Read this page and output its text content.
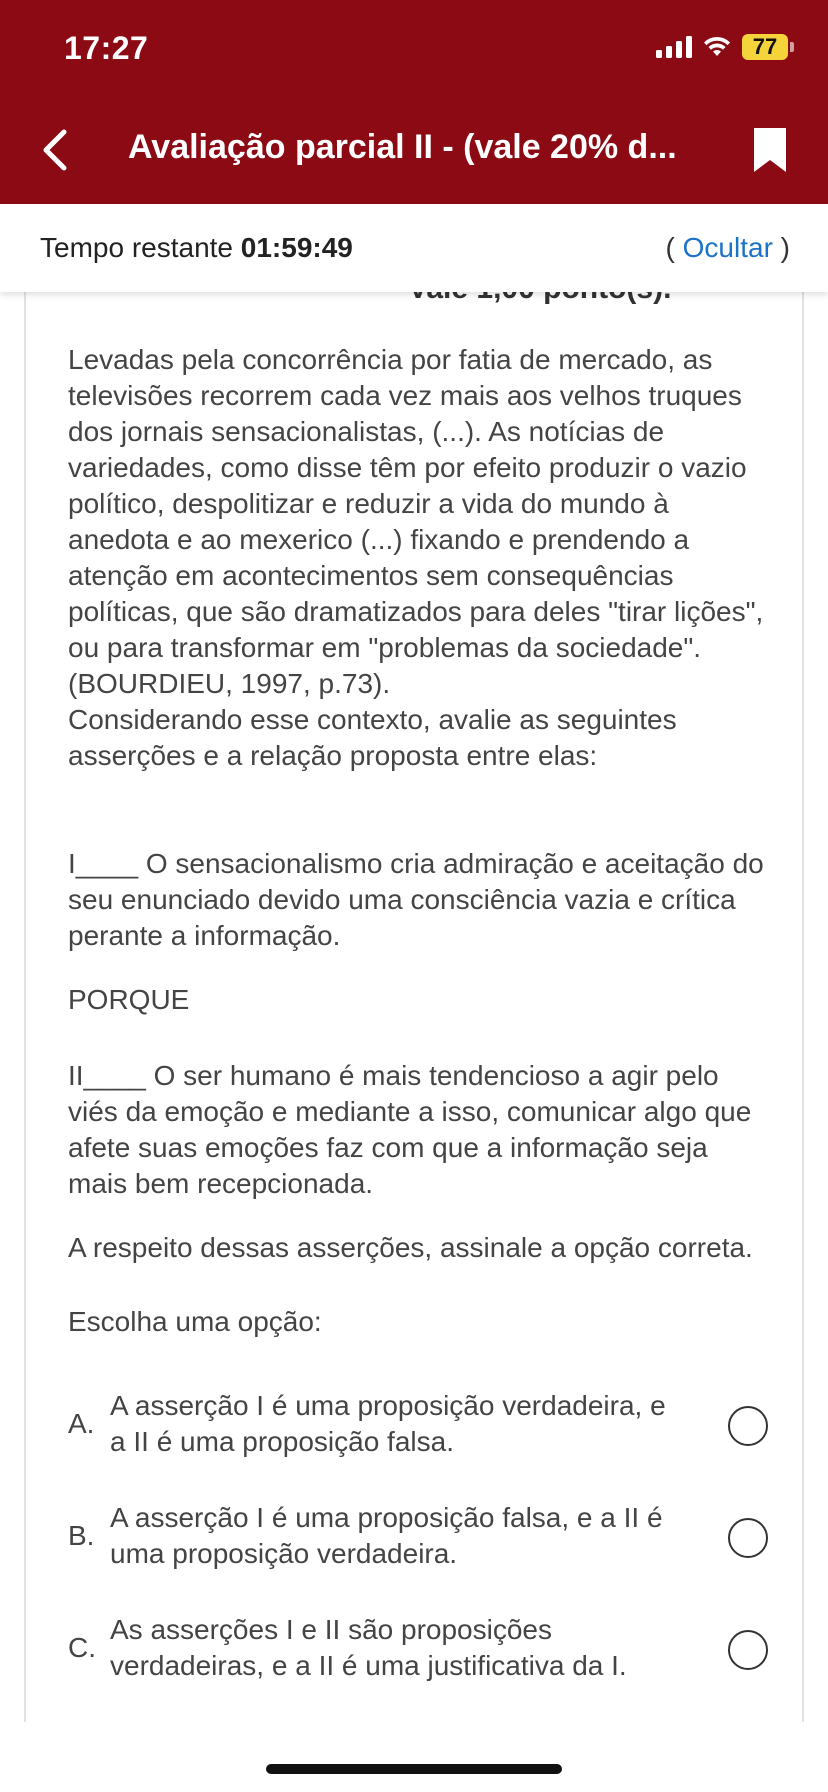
17:27	77
Avaliação parcial II - (vale 20% d...
Tempo restante 01:59:49	( Ocultar )
Levadas pela concorrência por fatia de mercado, as televisões recorrem cada vez mais aos velhos truques dos jornais sensacionalistas, (...). As notícias de variedades, como disse têm por efeito produzir o vazio político, despolitizar e reduzir a vida do mundo à anedota e ao mexerico (...) fixando e prendendo a atenção em acontecimentos sem consequências políticas, que são dramatizados para deles "tirar lições", ou para transformar em "problemas da sociedade". (BOURDIEU, 1997, p.73).
Considerando esse contexto, avalie as seguintes asserções e a relação proposta entre elas:
I____ O sensacionalismo cria admiração e aceitação do seu enunciado devido uma consciência vazia e crítica perante a informação.
PORQUE
II____ O ser humano é mais tendencioso a agir pelo viés da emoção e mediante a isso, comunicar algo que afete suas emoções faz com que a informação seja mais bem recepcionada.
A respeito dessas asserções, assinale a opção correta.
Escolha uma opção:
A.
A asserção I é uma proposição verdadeira, e a II é uma proposição falsa.
B.
A asserção I é uma proposição falsa, e a II é uma proposição verdadeira.
C.
As asserções I e II são proposições verdadeiras, e a II é uma justificativa da I.
